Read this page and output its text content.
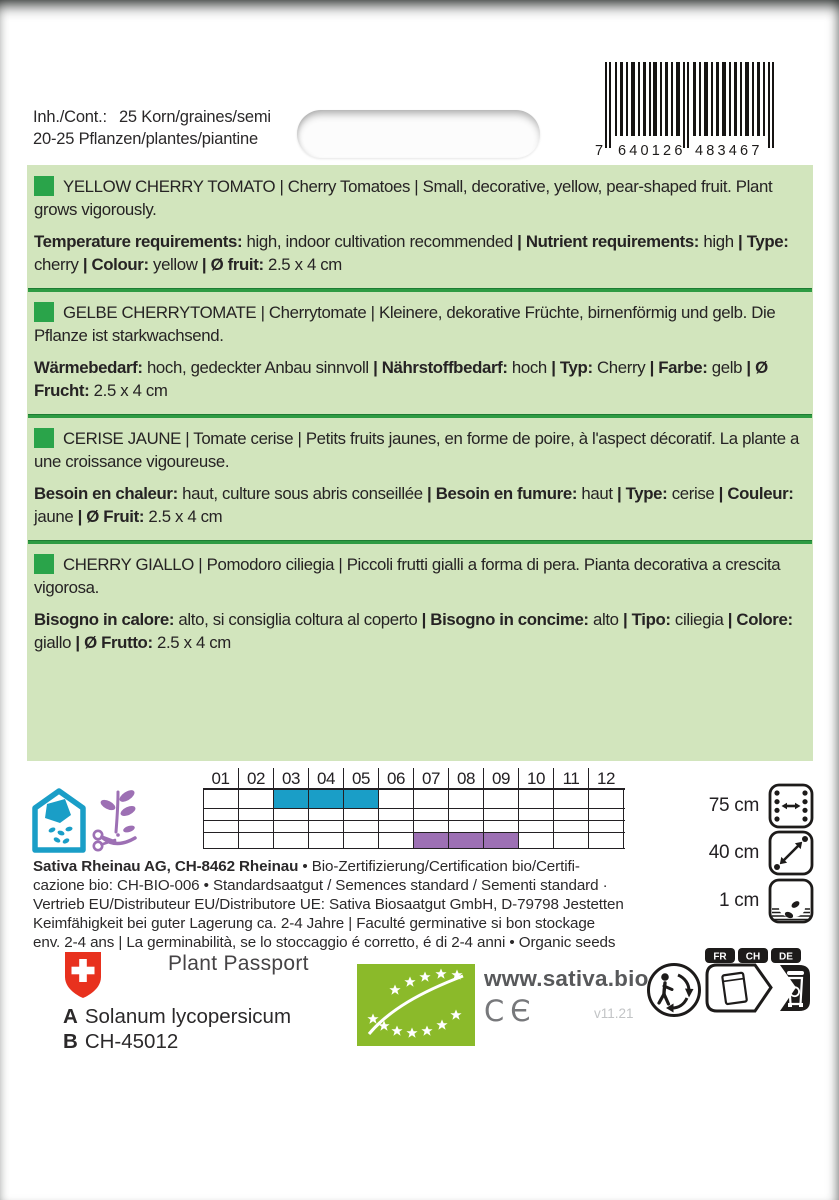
Inh./Cont.: 25 Korn/graines/semi
20-25 Pflanzen/plantes/piantine
7 640126 483467

YELLOW CHERRY TOMATO | Cherry Tomatoes | Small, decorative, yellow, pear-shaped fruit. Plant grows vigorously.

Temperature requirements: high, indoor cultivation recommended | Nutrient requirements: high | Type: cherry | Colour: yellow | Ø fruit: 2.5 x 4 cm

GELBE CHERRYTOMATE | Cherrytomate | Kleinere, dekorative Früchte, birnenförmig und gelb. Die Pflanze ist starkwachsend.

Wärmebedarf: hoch, gedeckter Anbau sinnvoll | Nährstoffbedarf: hoch | Typ: Cherry | Farbe: gelb | Ø Frucht: 2.5 x 4 cm

CERISE JAUNE | Tomate cerise | Petits fruits jaunes, en forme de poire, à l'aspect décoratif. La plante a une croissance vigoureuse.

Besoin en chaleur: haut, culture sous abris conseillée | Besoin en fumure: haut | Type: cerise | Couleur: jaune | Ø Fruit: 2.5 x 4 cm

CHERRY GIALLO | Pomodoro ciliegia | Piccoli frutti gialli a forma di pera. Pianta decorativa a crescita vigorosa.

Bisogno in calore: alto, si consiglia coltura al coperto | Bisogno in concime: alto | Tipo: ciliegia | Colore: giallo | Ø Frutto: 2.5 x 4 cm

01	02	03	04	05	06	07	08	09	10	11	12
75 cm
40 cm
1 cm
Sativa Rheinau AG, CH-8462 Rheinau • Bio-Zertifizierung/Certification bio/Certifi-
cazione bio: CH-BIO-006 • Standardsaatgut / Semences standard / Sementi standard ·
Vertrieb EU/Distributeur EU/Distributore UE: Sativa Biosaatgut GmbH, D-79798 Jestetten
Keimfähigkeit bei guter Lagerung ca. 2-4 Jahre | Faculté germinative si bon stockage
env. 2-4 ans | La germinabilità, se lo stoccaggio é corretto, é di 2-4 anni • Organic seeds
Plant Passport
A Solanum lycopersicum
B CH-45012
www.sativa.bio
CЄ	v11.21
FR CH DE
